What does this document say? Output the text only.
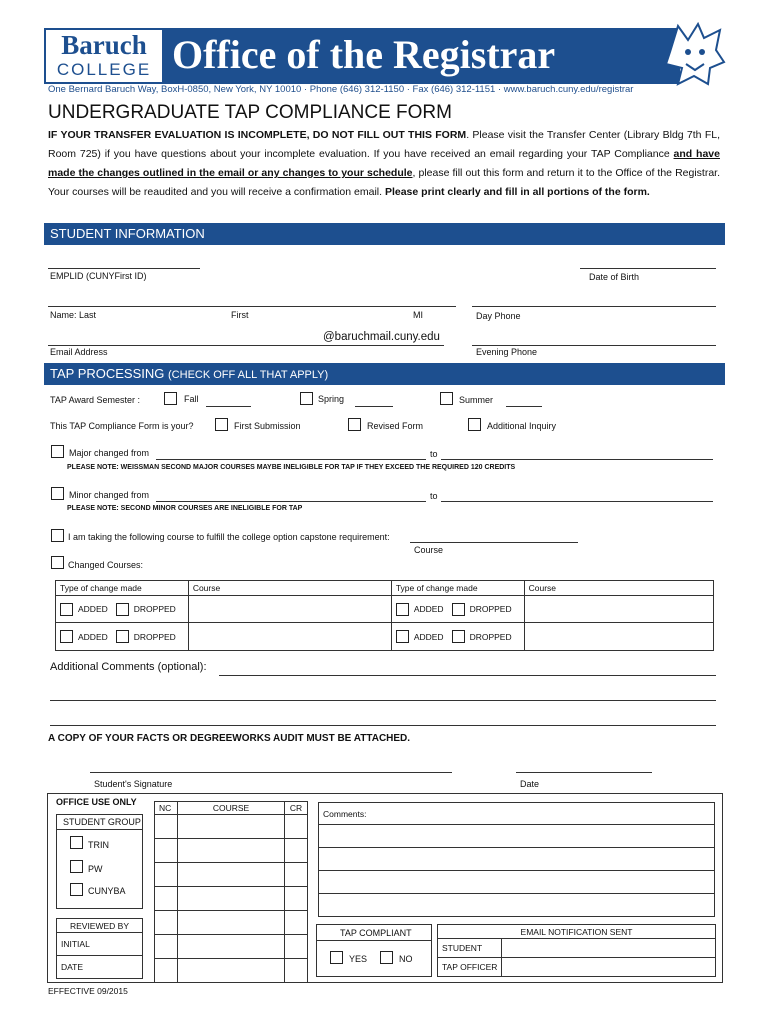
Baruch
COLLEGE Office of the Registrar
One Bernard Baruch Way, BoxH-0850, New York, NY 10010 · Phone (646) 312-1150 · Fax (646) 312-1151 · www.baruch.cuny.edu/registrar
UNDERGRADUATE TAP COMPLIANCE FORM
IF YOUR TRANSFER EVALUATION IS INCOMPLETE, DO NOT FILL OUT THIS FORM. Please visit the Transfer Center (Library Bldg 7th FL, Room 725) if you have questions about your incomplete evaluation. If you have received an email regarding your TAP Compliance and have made the changes outlined in the email or any changes to your schedule, please fill out this form and return it to the Office of the Registrar. Your courses will be reaudited and you will receive a confirmation email. Please print clearly and fill in all portions of the form.
STUDENT INFORMATION
EMPLID (CUNYFirst ID)	Date of Birth
Name: Last	First	MI	Day Phone
@baruchmail.cuny.edu
Email Address	Evening Phone
TAP PROCESSING (CHECK OFF ALL THAT APPLY)
TAP Award Semester :	Fall	Spring	Summer
This TAP Compliance Form is your?	First Submission	Revised Form	Additional Inquiry
Major changed from	to
PLEASE NOTE: WEISSMAN SECOND MAJOR COURSES MAYBE INELIGIBLE FOR TAP IF THEY EXCEED THE REQUIRED 120 CREDITS
Minor changed from	to
PLEASE NOTE: SECOND MINOR COURSES ARE INELIGIBLE FOR TAP
I am taking the following course to fulfill the college option capstone requirement:
Course
Changed Courses:
Type of change made	Course	Type of change made	Course
ADDED DROPPED		ADDED DROPPED	
ADDED DROPPED		ADDED DROPPED	
Additional Comments (optional):
A COPY OF YOUR FACTS OR DEGREEWORKS AUDIT MUST BE ATTACHED.
Student's Signature	Date
OFFICE USE ONLY
STUDENT GROUP
TRIN
PW
CUNYBA
REVIEWED BY
INITIAL
DATE
NC	COURSE	CR

Comments:

TAP COMPLIANT
YES	NO
EMAIL NOTIFICATION SENT	
STUDENT	
TAP OFFICER	
EFFECTIVE 09/2015
